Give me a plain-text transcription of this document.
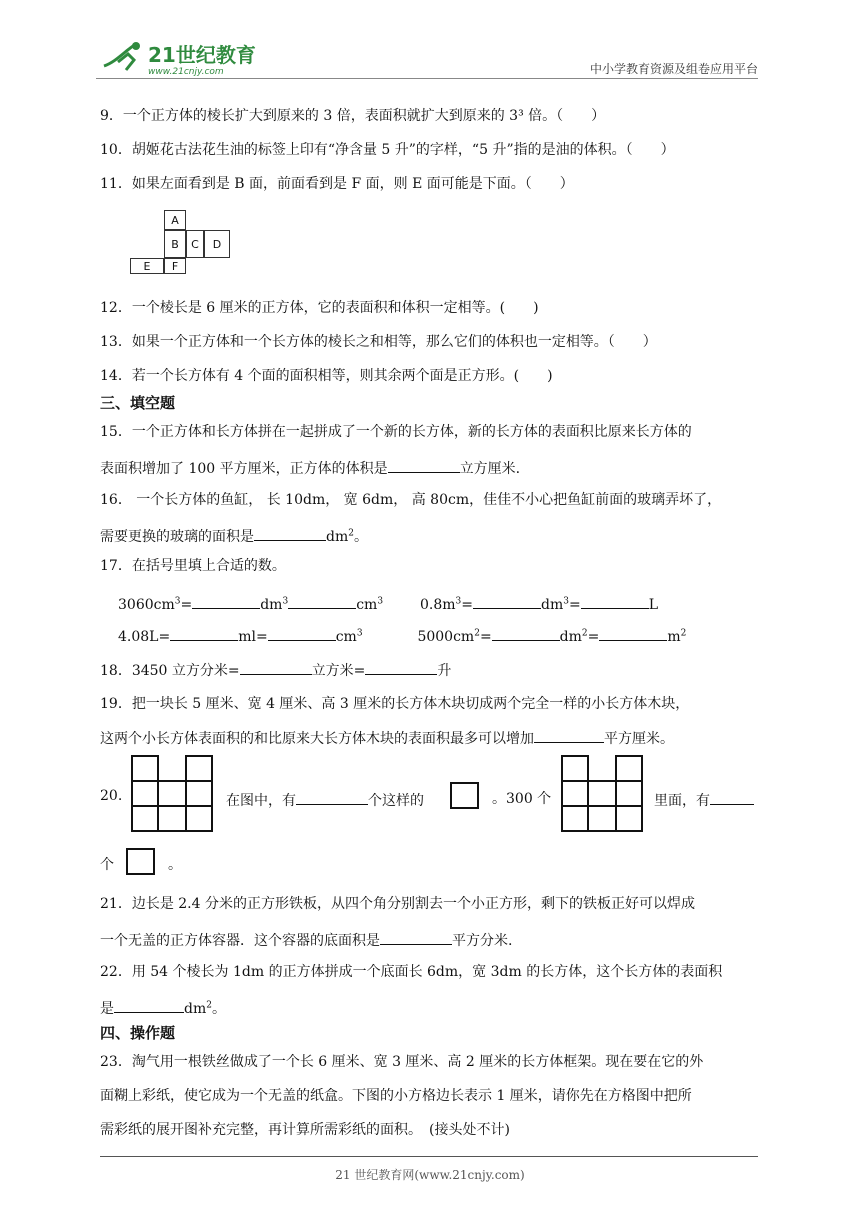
21世纪教育
www.21cnjy.com	中小学教育资源及组卷应用平台
9．一个正方体的棱长扩大到原来的 3 倍，表面积就扩大到原来的 3³ 倍。（　　）
10．胡姬花古法花生油的标签上印有“净含量 5 升”的字样，“5 升”指的是油的体积。（　　）
11．如果左面看到是 B 面，前面看到是 F 面，则 E 面可能是下面。（　　）
A
B	C	D
E	F
12．一个棱长是 6 厘米的正方体，它的表面积和体积一定相等。(　　)
13．如果一个正方体和一个长方体的棱长之和相等，那么它们的体积也一定相等。（　　）
14．若一个长方体有 4 个面的面积相等，则其余两个面是正方形。(　　)
三、填空题
15．一个正方体和长方体拼在一起拼成了一个新的长方体，新的长方体的表面积比原来长方体的
表面积增加了 100 平方厘米，正方体的体积是	立方厘米.
16． 一个长方体的鱼缸， 长 10dm， 宽 6dm， 高 80cm，佳佳不小心把鱼缸前面的玻璃弄坏了，
需要更换的玻璃的面积是	$dm^2$。
17．在括号里填上合适的数。
$3060cm^3=$	$dm^3$	$cm^3$	$0.8m^3=$	$dm^3=$	L
4.08L=	ml=	$cm^3$	$5000cm^2=$	$dm^2=$	$m^2$
18．3450 立方分米=	立方米=	升
19．把一块长 5 厘米、宽 4 厘米、高 3 厘米的长方体木块切成两个完全一样的小长方体木块，
这两个小长方体表面积的和比原来大长方体木块的表面积最多可以增加	平方厘米。
20.	在图中，有	个这样的	。300 个	里面，有
个	。
21．边长是 2.4 分米的正方形铁板，从四个角分别割去一个小正方形，剩下的铁板正好可以焊成
一个无盖的正方体容器．这个容器的底面积是	平方分米.
22．用 54 个棱长为 1dm 的正方体拼成一个底面长 6dm，宽 3dm 的长方体，这个长方体的表面积
是	$dm^2$。
四、操作题
23．淘气用一根铁丝做成了一个长 6 厘米、宽 3 厘米、高 2 厘米的长方体框架。现在要在它的外
面糊上彩纸，使它成为一个无盖的纸盒。下图的小方格边长表示 1 厘米，请你先在方格图中把所
需彩纸的展开图补充完整，再计算所需彩纸的面积。　(接头处不计)
21 世纪教育网(www.21cnjy.com)
